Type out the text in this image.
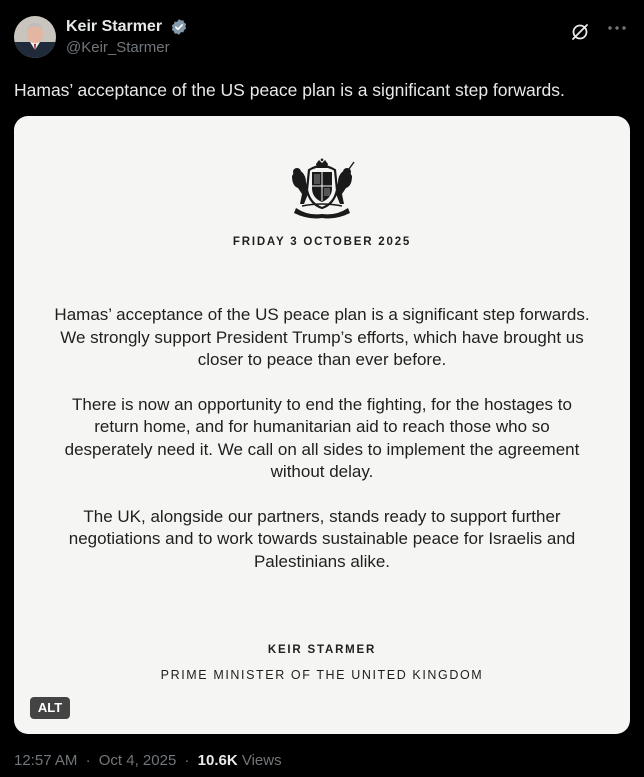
Keir Starmer
@Keir_Starmer
Hamas’ acceptance of the US peace plan is a significant step forwards.
FRIDAY 3 OCTOBER 2025

Hamas’ acceptance of the US peace plan is a significant step forwards. We strongly support President Trump’s efforts, which have brought us closer to peace than ever before.

There is now an opportunity to end the fighting, for the hostages to return home, and for humanitarian aid to reach those who so desperately need it. We call on all sides to implement the agreement without delay.

The UK, alongside our partners, stands ready to support further negotiations and to work towards sustainable peace for Israelis and Palestinians alike.

KEIR STARMER
PRIME MINISTER OF THE UNITED KINGDOM
ALT
12:57 AM · Oct 4, 2025 · 10.6K Views
